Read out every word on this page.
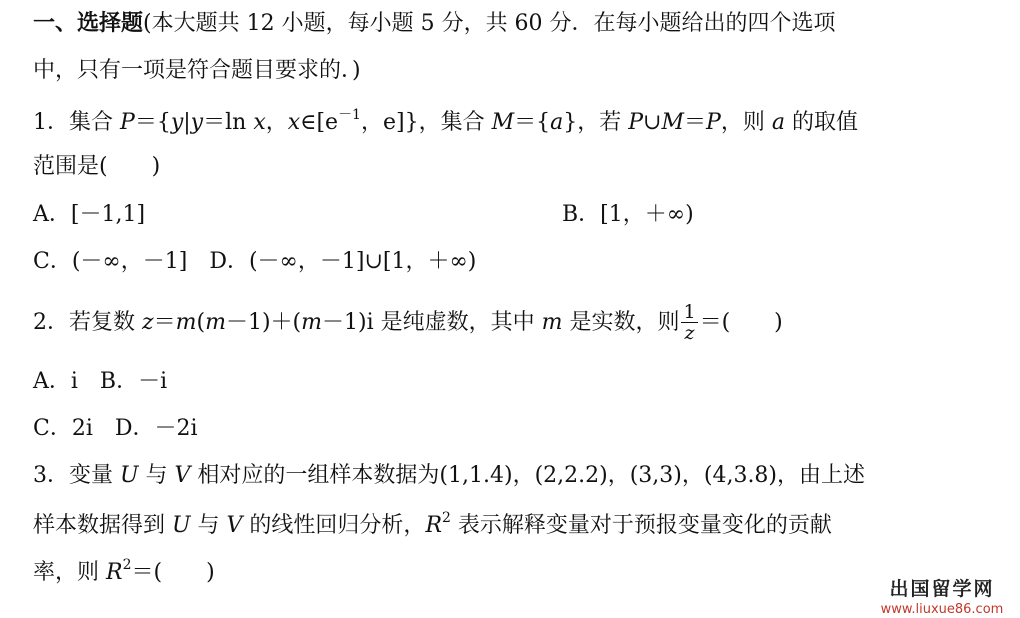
一、选择题(本大题共 12 小题，每小题 5 分，共 60 分．在每小题给出的四个选项
中，只有一项是符合题目要求的．)
1．集合 P＝{y|y＝ln x，$x\in[e^{-1}$，e]}，集合 M＝{a}，若 P∪M＝P，则 a 的取值
范围是(　　)
A．[－1,1]	B．[1，＋∞)
C．(－∞，－1]　D．(－∞，－1]∪[1，＋∞)
2．若复数 z＝m(m－1)＋(m－1)i 是纯虚数，其中 m 是实数，则 $\frac{1}{z}$ ＝(　　)
A．i　B．－i
C．2i　D．－2i
3．变量 U 与 V 相对应的一组样本数据为(1,1.4)，(2,2.2)，(3,3)，(4,3.8)，由上述
样本数据得到 U 与 V 的线性回归分析，$R^2$ 表示解释变量对于预报变量变化的贡献
率，则 $R^2=$(　　)
出国留学网
www.liuxue86.com
